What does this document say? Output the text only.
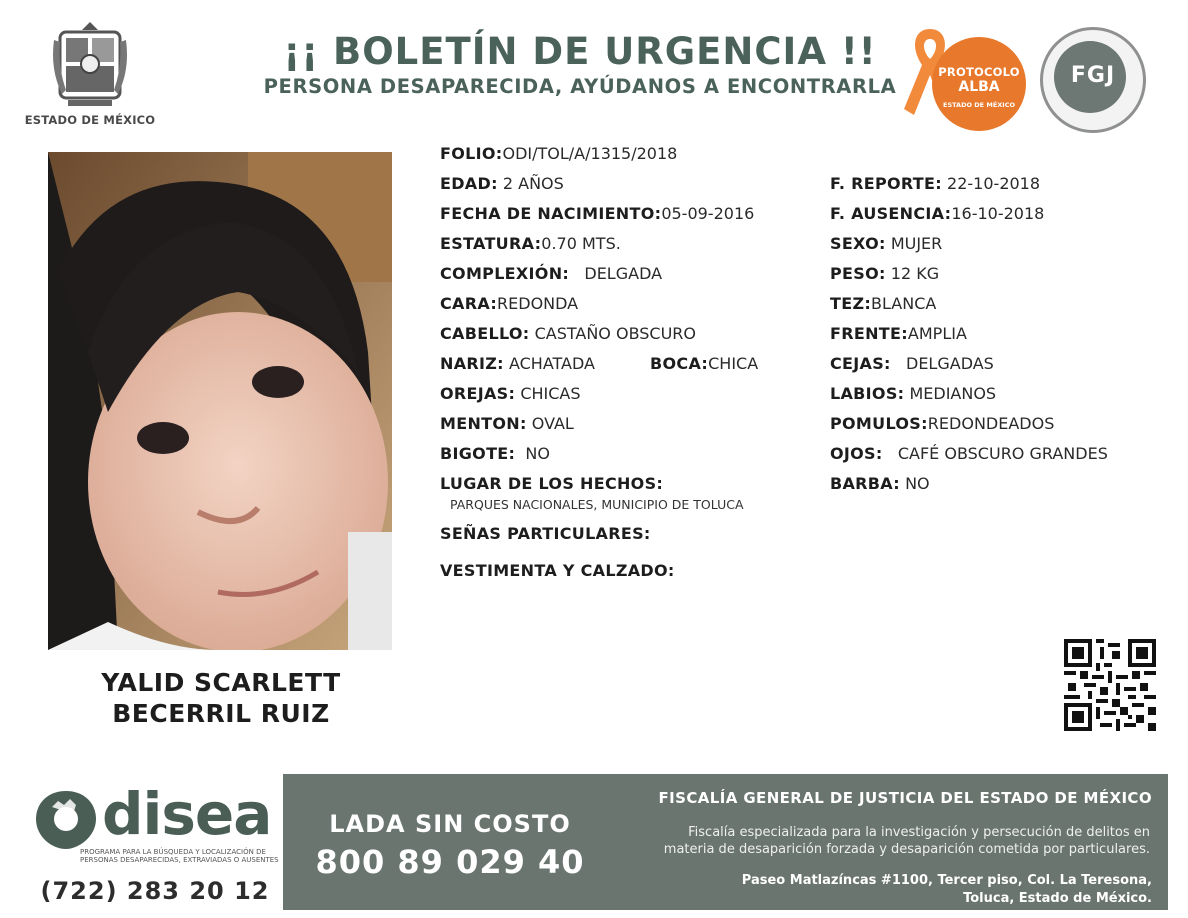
ESTADO DE MÉXICO
¡¡ BOLETÍN DE URGENCIA !!
PERSONA DESAPARECIDA, AYÚDANOS A ENCONTRARLA
PROTOCOLO
ALBA
ESTADO DE MÉXICO
FGJ
YALID SCARLETT
BECERRIL RUIZ
FOLIO:ODI/TOL/A/1315/2018
EDAD: 2 AÑOS
FECHA DE NACIMIENTO:05-09-2016
ESTATURA:0.70 MTS.
COMPLEXIÓN: DELGADA
CARA:REDONDA
CABELLO: CASTAÑO OBSCURO
NARIZ: ACHATADA	BOCA:CHICA
OREJAS: CHICAS
MENTON: OVAL
BIGOTE: NO
LUGAR DE LOS HECHOS:
PARQUES NACIONALES, MUNICIPIO DE TOLUCA
SEÑAS PARTICULARES:
VESTIMENTA Y CALZADO:
F. REPORTE: 22-10-2018
F. AUSENCIA:16-10-2018
SEXO: MUJER
PESO: 12 KG
TEZ:BLANCA
FRENTE:AMPLIA
CEJAS: DELGADAS
LABIOS: MEDIANOS
POMULOS:REDONDEADOS
OJOS: CAFÉ OBSCURO GRANDES
BARBA: NO
disea
PROGRAMA PARA LA BÚSQUEDA Y LOCALIZACIÓN DE PERSONAS DESAPARECIDAS, EXTRAVIADAS O AUSENTES
(722) 283 20 12
LADA SIN COSTO
800 89 029 40
FISCALÍA GENERAL DE JUSTICIA DEL ESTADO DE MÉXICO
Fiscalía especializada para la investigación y persecución de delitos en
materia de desaparición forzada y desaparición cometida por particulares.
Paseo Matlazíncas #1100, Tercer piso, Col. La Teresona,
Toluca, Estado de México.
